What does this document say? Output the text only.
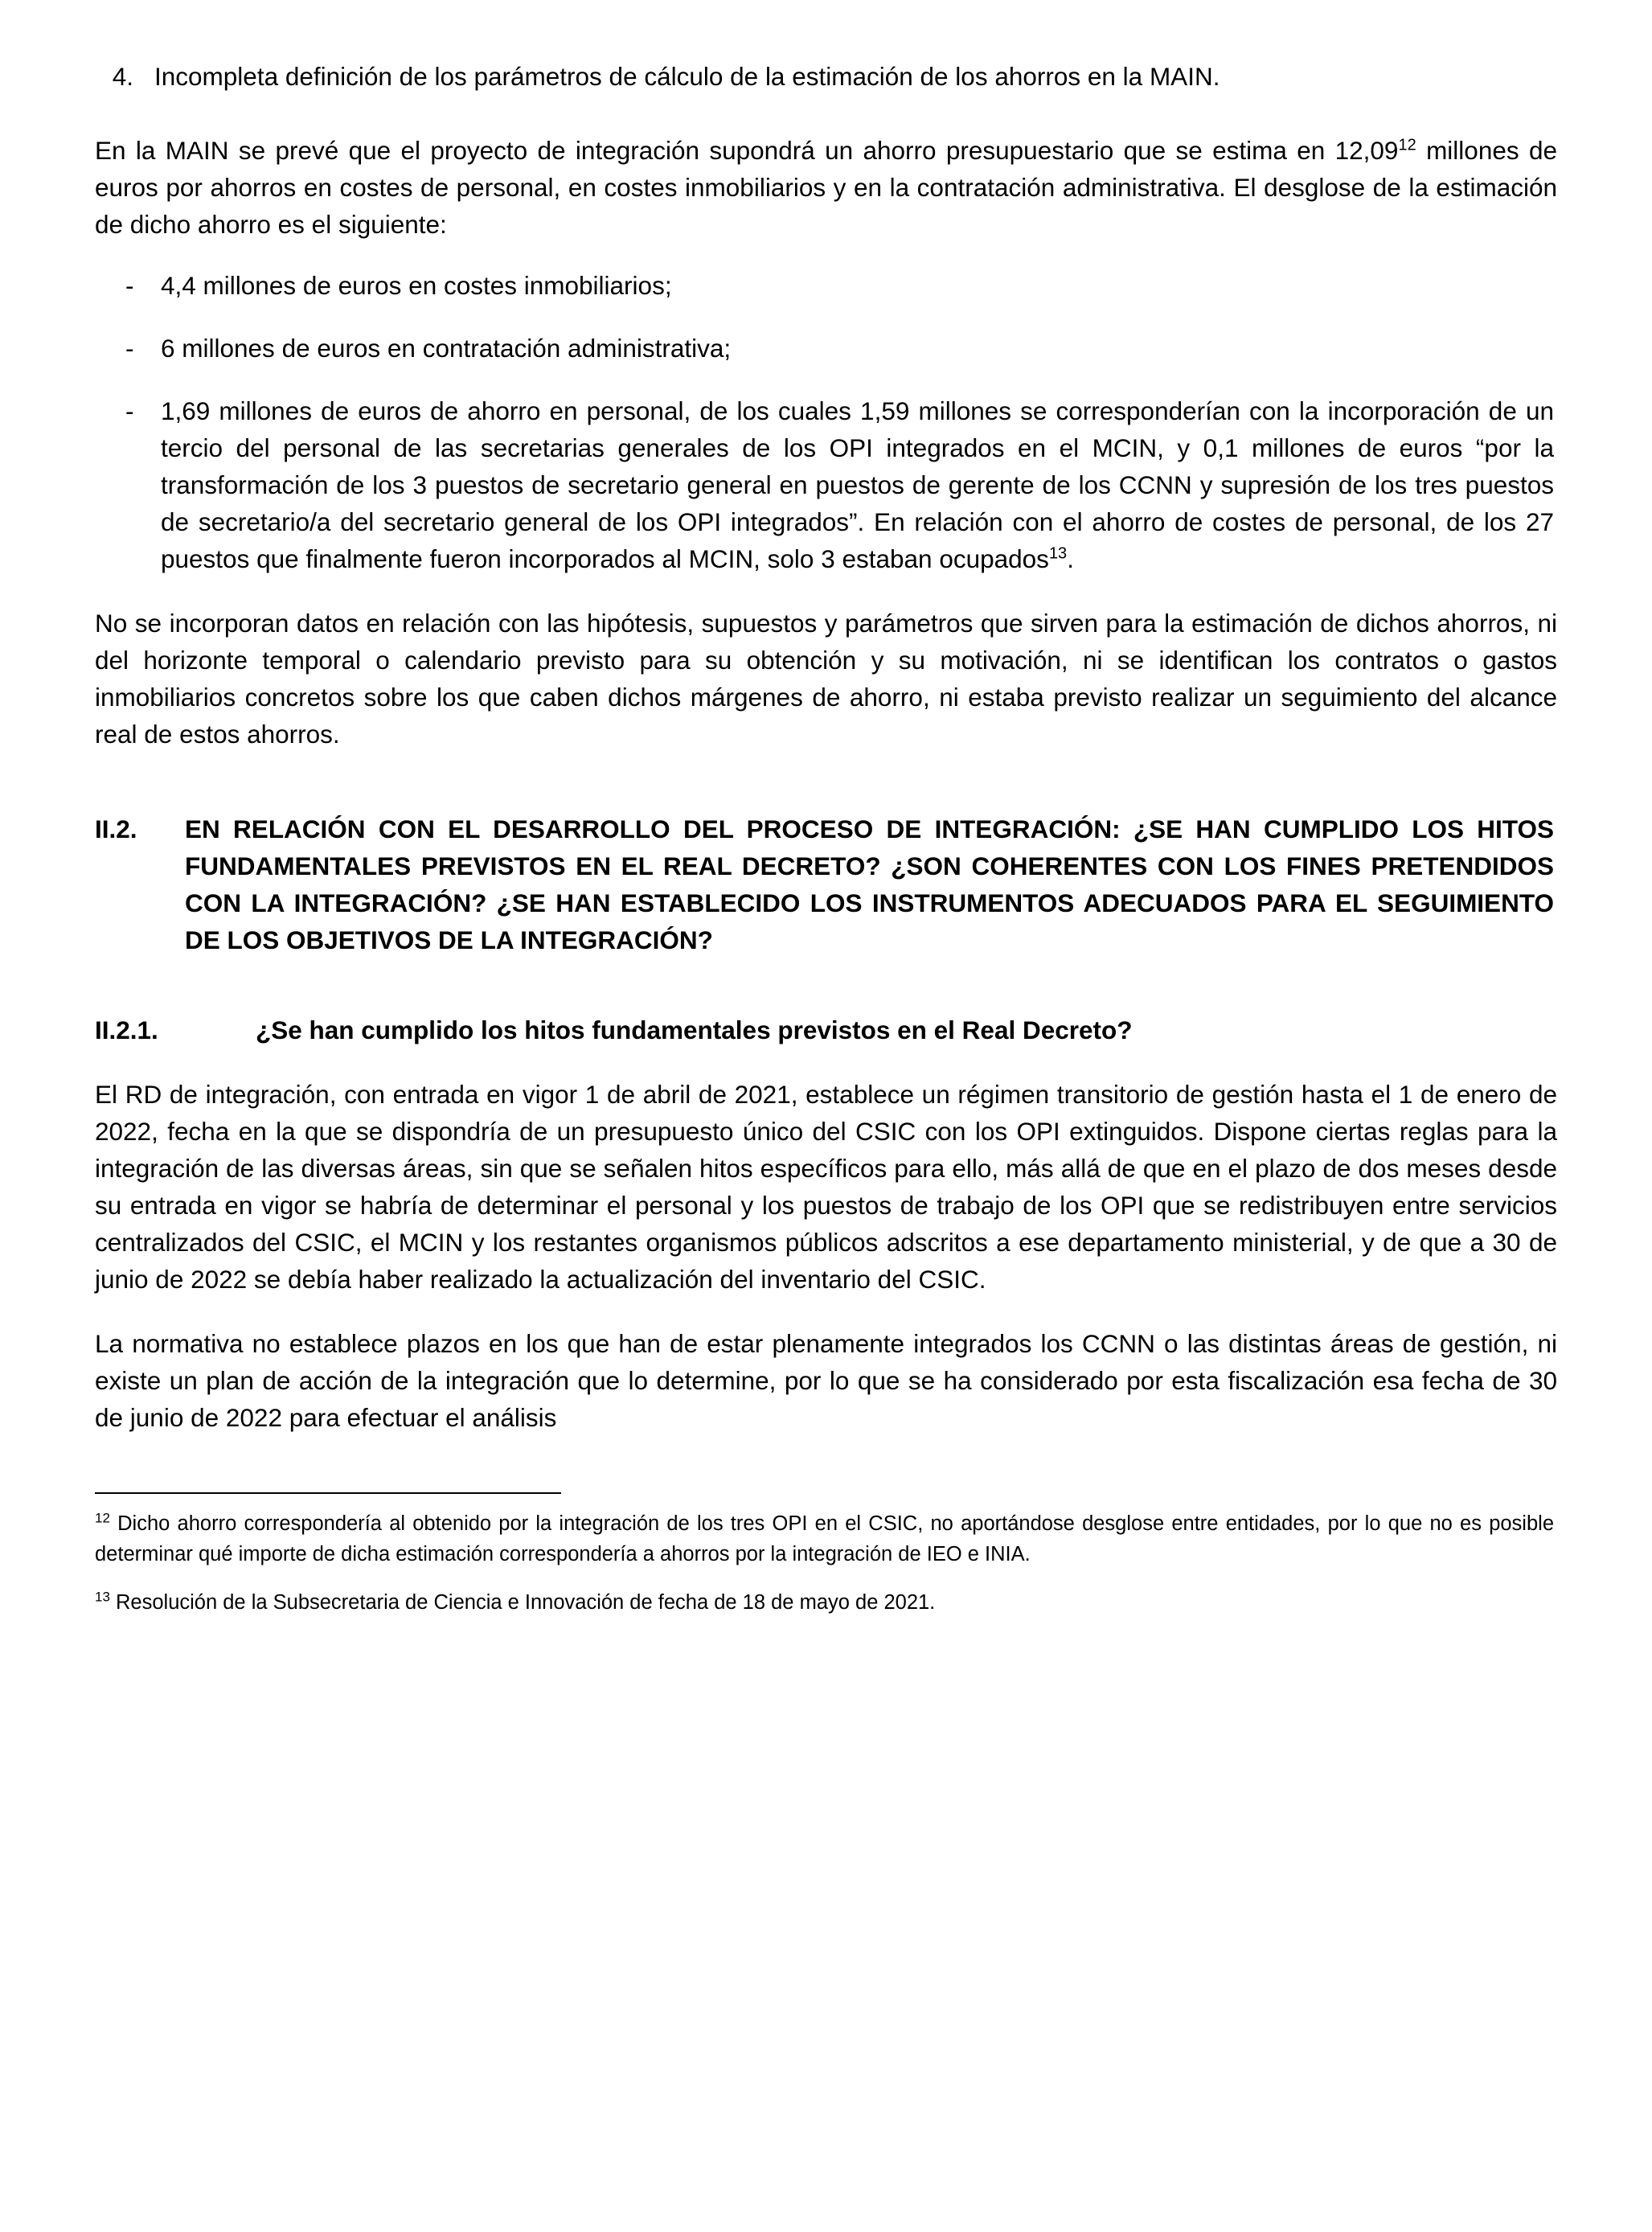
4. Incompleta definición de los parámetros de cálculo de la estimación de los ahorros en la MAIN.

En la MAIN se prevé que el proyecto de integración supondrá un ahorro presupuestario que se estima en 12,09$^{12}$ millones de euros por ahorros en costes de personal, en costes inmobiliarios y en la contratación administrativa. El desglose de la estimación de dicho ahorro es el siguiente:

-	4,4 millones de euros en costes inmobiliarios;
-	6 millones de euros en contratación administrativa;
-	1,69 millones de euros de ahorro en personal, de los cuales 1,59 millones se corresponderían con la incorporación de un tercio del personal de las secretarias generales de los OPI integrados en el MCIN, y 0,1 millones de euros “por la transformación de los 3 puestos de secretario general en puestos de gerente de los CCNN y supresión de los tres puestos de secretario/a del secretario general de los OPI integrados”. En relación con el ahorro de costes de personal, de los 27 puestos que finalmente fueron incorporados al MCIN, solo 3 estaban ocupados$^{13}$.

No se incorporan datos en relación con las hipótesis, supuestos y parámetros que sirven para la estimación de dichos ahorros, ni del horizonte temporal o calendario previsto para su obtención y su motivación, ni se identifican los contratos o gastos inmobiliarios concretos sobre los que caben dichos márgenes de ahorro, ni estaba previsto realizar un seguimiento del alcance real de estos ahorros.

II.2.	EN RELACIÓN CON EL DESARROLLO DEL PROCESO DE INTEGRACIÓN: ¿SE HAN CUMPLIDO LOS HITOS FUNDAMENTALES PREVISTOS EN EL REAL DECRETO? ¿SON COHERENTES CON LOS FINES PRETENDIDOS CON LA INTEGRACIÓN? ¿SE HAN ESTABLECIDO LOS INSTRUMENTOS ADECUADOS PARA EL SEGUIMIENTO DE LOS OBJETIVOS DE LA INTEGRACIÓN?
II.2.1.	¿Se han cumplido los hitos fundamentales previstos en el Real Decreto?

El RD de integración, con entrada en vigor 1 de abril de 2021, establece un régimen transitorio de gestión hasta el 1 de enero de 2022, fecha en la que se dispondría de un presupuesto único del CSIC con los OPI extinguidos. Dispone ciertas reglas para la integración de las diversas áreas, sin que se señalen hitos específicos para ello, más allá de que en el plazo de dos meses desde su entrada en vigor se habría de determinar el personal y los puestos de trabajo de los OPI que se redistribuyen entre servicios centralizados del CSIC, el MCIN y los restantes organismos públicos adscritos a ese departamento ministerial, y de que a 30 de junio de 2022 se debía haber realizado la actualización del inventario del CSIC.

La normativa no establece plazos en los que han de estar plenamente integrados los CCNN o las distintas áreas de gestión, ni existe un plan de acción de la integración que lo determine, por lo que se ha considerado por esta fiscalización esa fecha de 30 de junio de 2022 para efectuar el análisis

$^{12}$ Dicho ahorro correspondería al obtenido por la integración de los tres OPI en el CSIC, no aportándose desglose entre entidades, por lo que no es posible determinar qué importe de dicha estimación correspondería a ahorros por la integración de IEO e INIA.

$^{13}$ Resolución de la Subsecretaria de Ciencia e Innovación de fecha de 18 de mayo de 2021.
